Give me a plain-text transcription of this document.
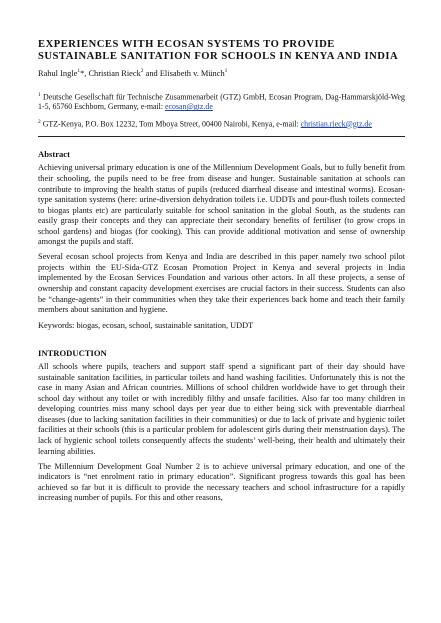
EXPERIENCES WITH ECOSAN SYSTEMS TO PROVIDE SUSTAINABLE SANITATION FOR SCHOOLS IN KENYA AND INDIA
Rahul Ingle$^1$*, Christian Rieck$^2$ and Elisabeth v. Münch$^1$
$^1$ Deutsche Gesellschaft für Technische Zusammenarbeit (GTZ) GmbH, Ecosan Program, Dag-Hammarskjöld-Weg 1-5, 65760 Eschborn, Germany, e-mail: ecosan@gtz.de
$^2$ GTZ-Kenya, P.O. Box 12232, Tom Mboya Street, 00400 Nairobi, Kenya, e-mail: christian.rieck@gtz.de
Abstract

Achieving universal primary education is one of the Millennium Development Goals, but to fully benefit from their schooling, the pupils need to be free from disease and hunger. Sustainable sanitation at schools can contribute to improving the health status of pupils (reduced diarrheal disease and intestinal worms). Ecosan-type sanitation systems (here: urine-diversion dehydration toilets i.e. UDDTs and pour-flush toilets connected to biogas plants etc) are particularly suitable for school sanitation in the global South, as the students can easily grasp their concepts and they can appreciate their secondary benefits of fertiliser (to grow crops in school gardens) and biogas (for cooking). This can provide additional motivation and sense of ownership amongst the pupils and staff.

Several ecosan school projects from Kenya and India are described in this paper namely two school pilot projects within the EU-Sida-GTZ Ecosan Promotion Project in Kenya and several projects in India implemented by the Ecosan Services Foundation and various other actors. In all these projects, a sense of ownership and constant capacity development exercises are crucial factors in their success. Students can also be “change-agents” in their communities when they take their experiences back home and teach their family members about sanitation and hygiene.

Keywords: biogas, ecosan, school, sustainable sanitation, UDDT

INTRODUCTION

All schools where pupils, teachers and support staff spend a significant part of their day should have sustainable sanitation facilities, in particular toilets and hand washing facilities. Unfortunately this is not the case in many Asian and African countries. Millions of school children worldwide have to get through their school day without any toilet or with incredibly filthy and unsafe facilities. Also far too many children in developing countries miss many school days per year due to either being sick with preventable diarrheal diseases (due to lacking sanitation facilities in their communities) or due to lack of private and hygienic toilet facilities at their schools (this is a particular problem for adolescent girls during their menstruation days). The lack of hygienic school toilets consequently affects the students’ well-being, their health and ultimately their learning abilities.

The Millennium Development Goal Number 2 is to achieve universal primary education, and one of the indicators is “net enrolment ratio in primary education”. Significant progress towards this goal has been achieved so far but it is difficult to provide the necessary teachers and school infrastructure for a rapidly increasing number of pupils. For this and other reasons,
